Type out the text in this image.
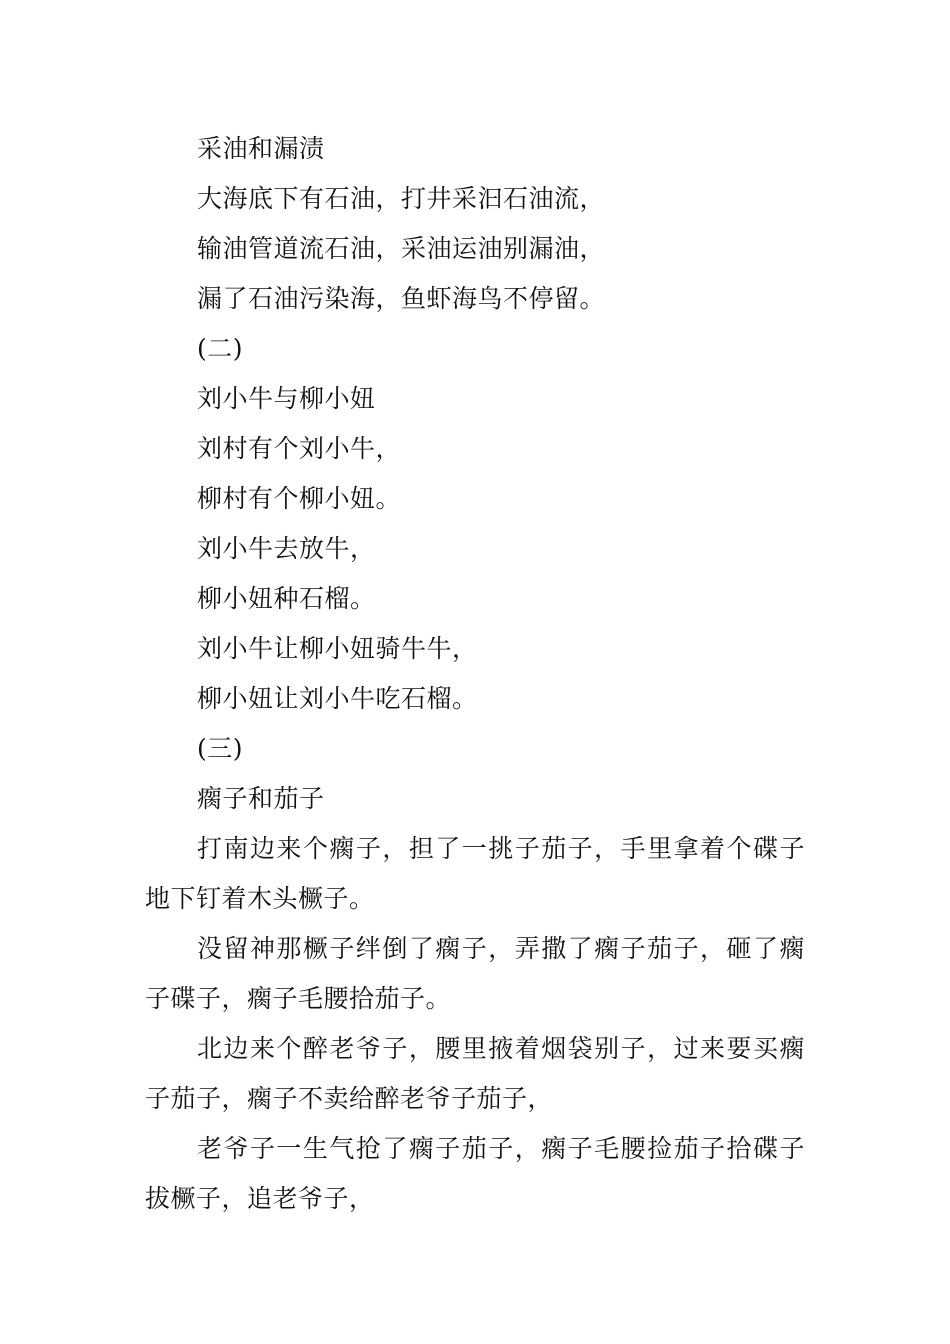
采油和漏渍
大海底下有石油，打井采汩石油流，
输油管道流石油，采油运油别漏油，
漏了石油污染海，鱼虾海鸟不停留。
(二)
刘小牛与柳小妞
刘村有个刘小牛，
柳村有个柳小妞。
刘小牛去放牛，
柳小妞种石榴。
刘小牛让柳小妞骑牛牛，
柳小妞让刘小牛吃石榴。
(三)
瘸子和茄子
打南边来个瘸子，担了一挑子茄子，手里拿着个碟子地下钉着木头橛子。
没留神那橛子绊倒了瘸子，弄撒了瘸子茄子，砸了瘸子碟子，瘸子毛腰拾茄子。
北边来个醉老爷子，腰里掖着烟袋别子，过来要买瘸子茄子，瘸子不卖给醉老爷子茄子，
老爷子一生气抢了瘸子茄子，瘸子毛腰捡茄子拾碟子拔橛子，追老爷子，
